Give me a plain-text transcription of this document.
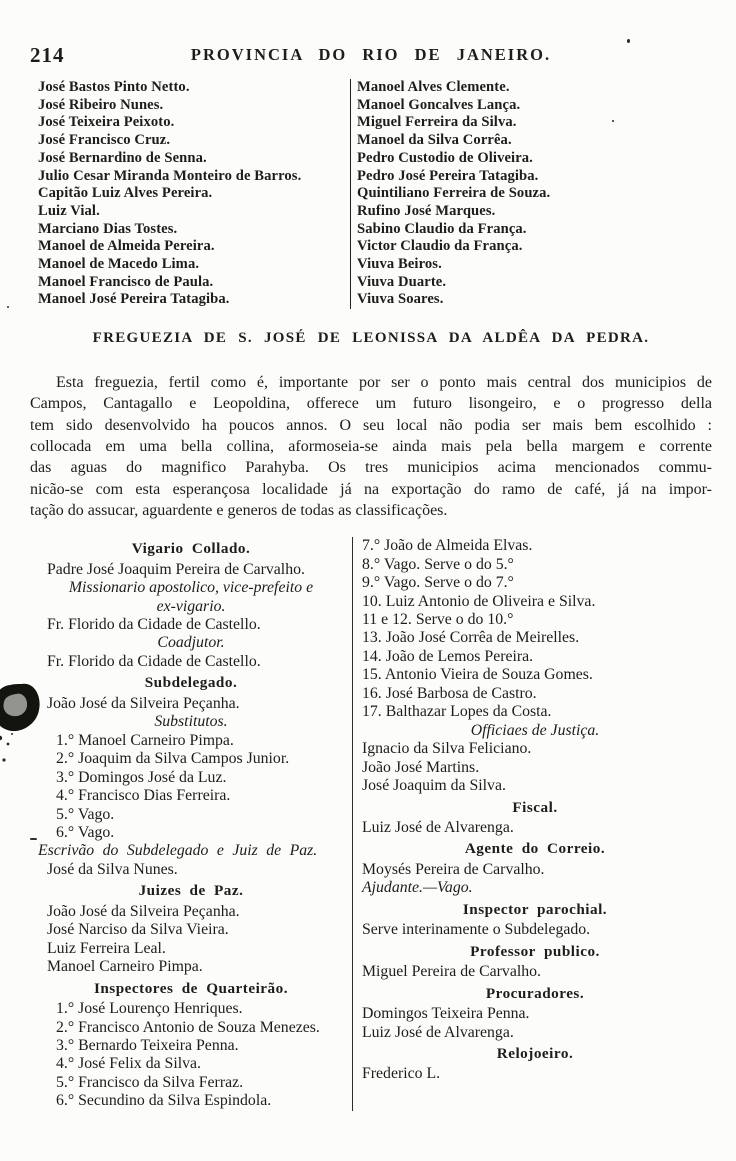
214	PROVINCIA DO RIO DE JANEIRO.
José Bastos Pinto Netto.
José Ribeiro Nunes.
José Teixeira Peixoto.
José Francisco Cruz.
José Bernardino de Senna.
Julio Cesar Miranda Monteiro de Barros.
Capitão Luiz Alves Pereira.
Luiz Vial.
Marciano Dias Tostes.
Manoel de Almeida Pereira.
Manoel de Macedo Lima.
Manoel Francisco de Paula.
Manoel José Pereira Tatagiba.
Manoel Alves Clemente.
Manoel Goncalves Lança.
Miguel Ferreira da Silva.
Manoel da Silva Corrêa.
Pedro Custodio de Oliveira.
Pedro José Pereira Tatagiba.
Quintiliano Ferreira de Souza.
Rufino José Marques.
Sabino Claudio da França.
Victor Claudio da França.
Viuva Beiros.
Viuva Duarte.
Viuva Soares.
FREGUEZIA DE S. JOSÉ DE LEONISSA DA ALDÊA DA PEDRA.
Esta freguezia, fertil como é, importante por ser o ponto mais central dos municipios de
Campos, Cantagallo e Leopoldina, offerece um futuro lisongeiro, e o progresso della
tem sido desenvolvido ha poucos annos. O seu local não podia ser mais bem escolhido :
collocada em uma bella collina, aformoseia-se ainda mais pela bella margem e corrente
das aguas do magnifico Parahyba. Os tres municipios acima mencionados commu-
nicão-se com esta esperançosa localidade já na exportação do ramo de café, já na impor-
tação do assucar, aguardente e generos de todas as classificações.
Vigario Collado.
Padre José Joaquim Pereira de Carvalho.
Missionario apostolico, vice-prefeito e
ex-vigario.
Fr. Florido da Cidade de Castello.
Coadjutor.
Fr. Florido da Cidade de Castello.
Subdelegado.
João José da Silveira Peçanha.
Substitutos.
1.° Manoel Carneiro Pimpa.
2.° Joaquim da Silva Campos Junior.
3.° Domingos José da Luz.
4.° Francisco Dias Ferreira.
5.° Vago.
6.° Vago.
Escrivão do Subdelegado e Juiz de Paz.
José da Silva Nunes.
Juizes de Paz.
João José da Silveira Peçanha.
José Narciso da Silva Vieira.
Luiz Ferreira Leal.
Manoel Carneiro Pimpa.
Inspectores de Quarteirão.
1.° José Lourenço Henriques.
2.° Francisco Antonio de Souza Menezes.
3.° Bernardo Teixeira Penna.
4.° José Felix da Silva.
5.° Francisco da Silva Ferraz.
6.° Secundino da Silva Espindola.
7.° João de Almeida Elvas.
8.° Vago. Serve o do 5.°
9.° Vago. Serve o do 7.°
10. Luiz Antonio de Oliveira e Silva.
11 e 12. Serve o do 10.°
13. João José Corrêa de Meirelles.
14. João de Lemos Pereira.
15. Antonio Vieira de Souza Gomes.
16. José Barbosa de Castro.
17. Balthazar Lopes da Costa.
Officiaes de Justiça.
Ignacio da Silva Feliciano.
João José Martins.
José Joaquim da Silva.
Fiscal.
Luiz José de Alvarenga.
Agente do Correio.
Moysés Pereira de Carvalho.
Ajudante.—Vago.
Inspector parochial.
Serve interinamente o Subdelegado.
Professor publico.
Miguel Pereira de Carvalho.
Procuradores.
Domingos Teixeira Penna.
Luiz José de Alvarenga.
Relojoeiro.
Frederico L.
